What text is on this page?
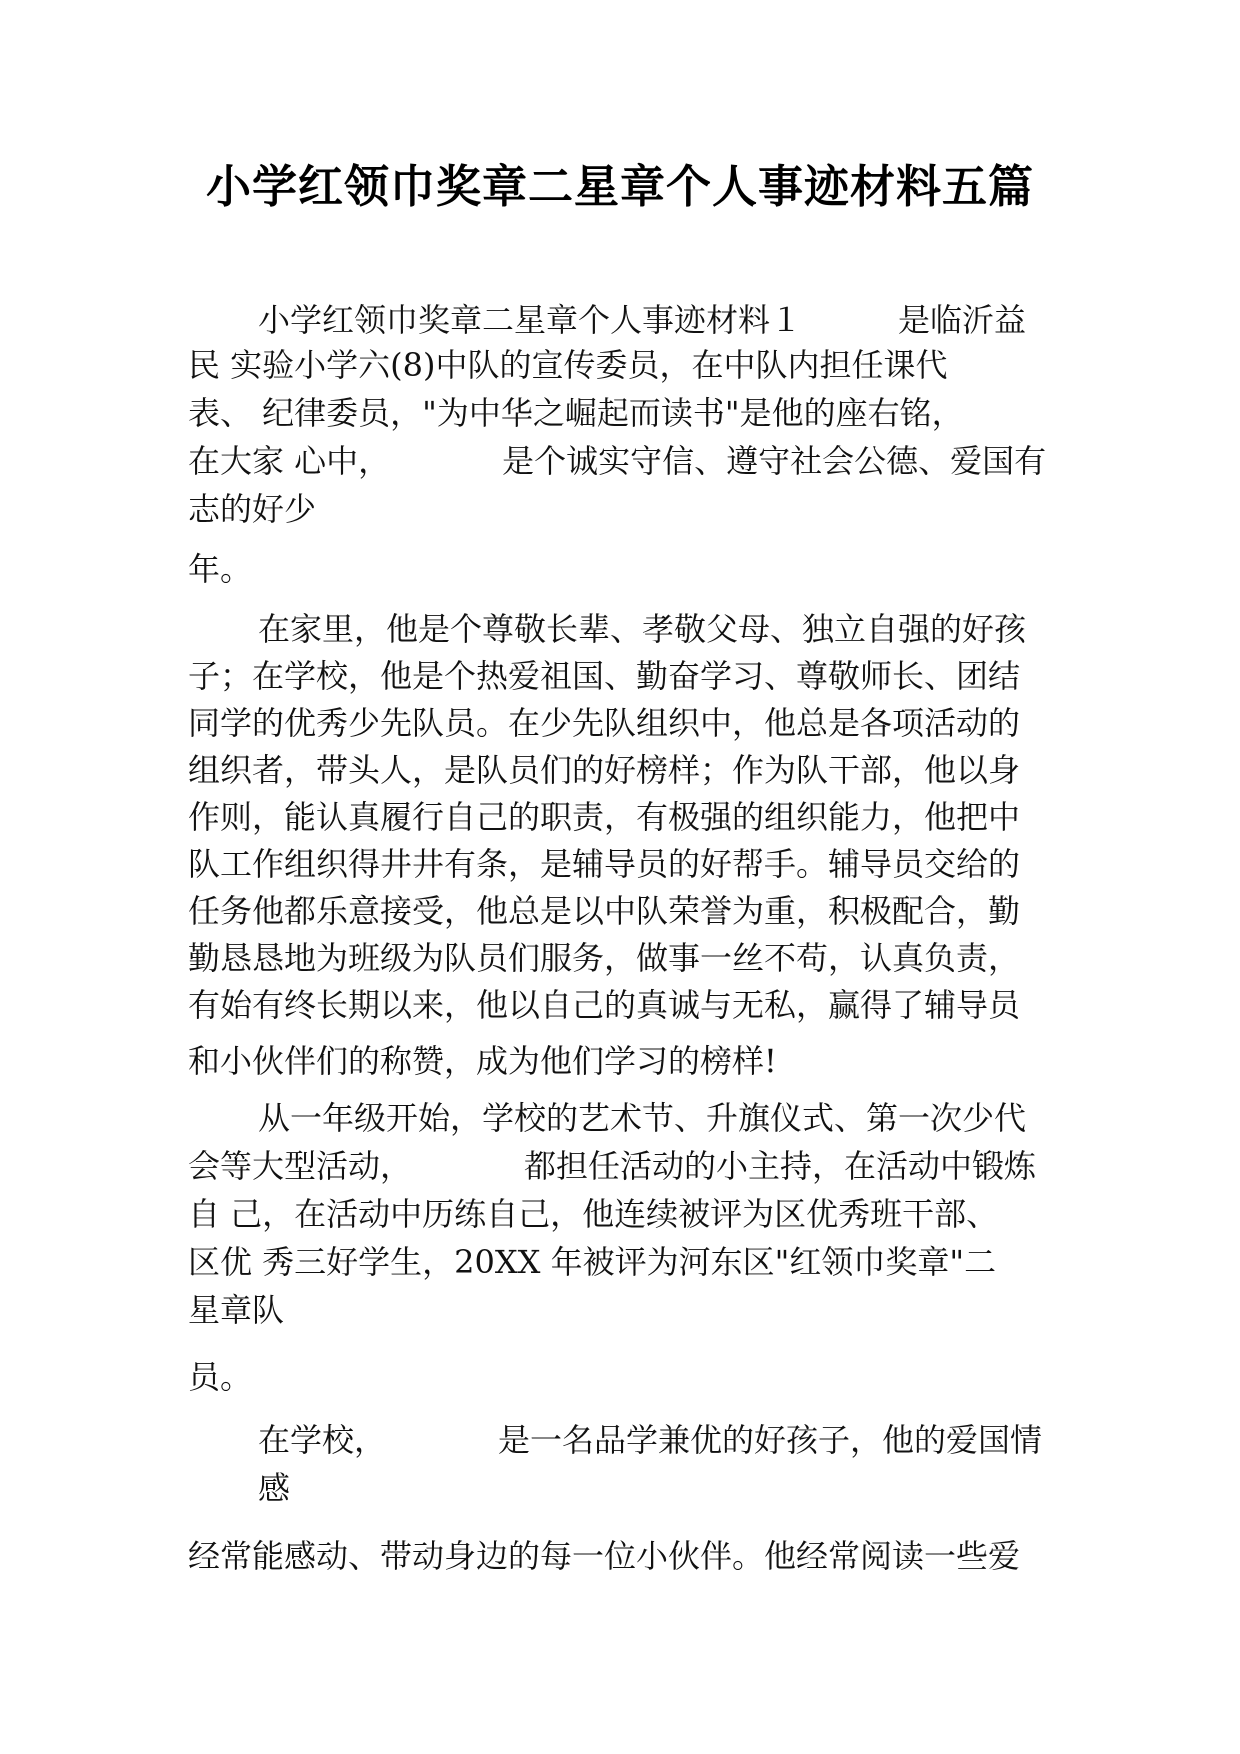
小学红领巾奖章二星章个人事迹材料五篇
小学红领巾奖章二星章个人事迹材料１　　　是临沂益
民 实验小学六(8)中队的宣传委员，在中队内担任课代
表、 纪律委员，"为中华之崛起而读书"是他的座右铭，
在大家 心中，　　　　是个诚实守信、遵守社会公德、爱国有
志的好少
年。
在家里，他是个尊敬长辈、孝敬父母、独立自强的好孩
子；在学校，他是个热爱祖国、勤奋学习、尊敬师长、团结
同学的优秀少先队员。在少先队组织中，他总是各项活动的
组织者，带头人，是队员们的好榜样；作为队干部，他以身
作则，能认真履行自己的职责，有极强的组织能力，他把中
队工作组织得井井有条，是辅导员的好帮手。辅导员交给的
任务他都乐意接受，他总是以中队荣誉为重，积极配合，勤
勤恳恳地为班级为队员们服务，做事一丝不苟，认真负责，
有始有终长期以来，他以自己的真诚与无私，赢得了辅导员
和小伙伴们的称赞，成为他们学习的榜样!
从一年级开始，学校的艺术节、升旗仪式、第一次少代
会等大型活动，　　　　都担任活动的小主持，在活动中锻炼
自 己，在活动中历练自己，他连续被评为区优秀班干部、
区优 秀三好学生，20XX 年被评为河东区"红领巾奖章"二
星章队
员。
在学校，　　　　是一名品学兼优的好孩子，他的爱国情
感
经常能感动、带动身边的每一位小伙伴。他经常阅读一些爱
